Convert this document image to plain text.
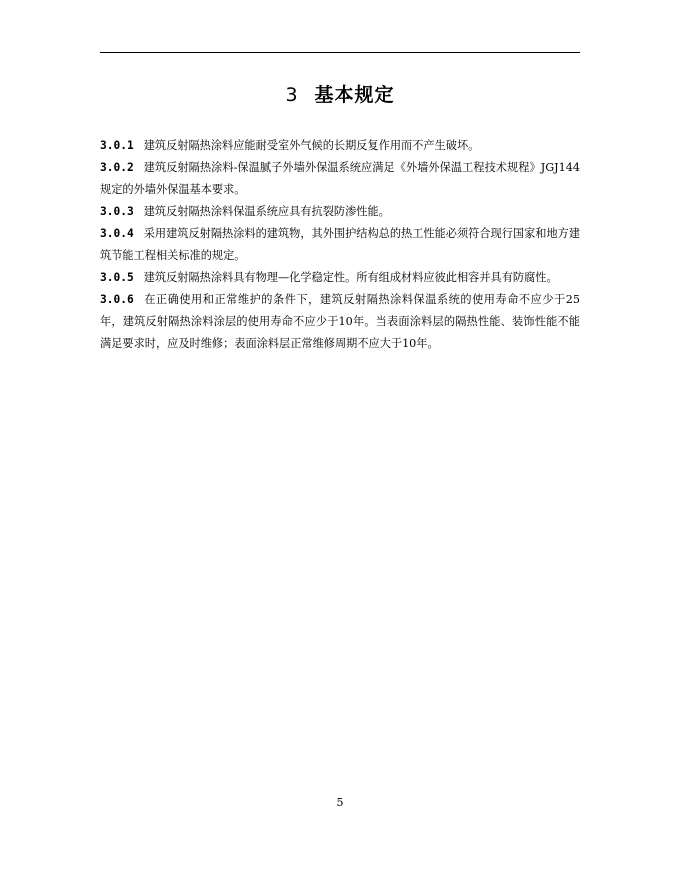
3 基本规定

3.0.1 建筑反射隔热涂料应能耐受室外气候的长期反复作用而不产生破坏。

3.0.2 建筑反射隔热涂料-保温腻子外墙外保温系统应满足《外墙外保温工程技术规程》JGJ144规定的外墙外保温基本要求。

3.0.3 建筑反射隔热涂料保温系统应具有抗裂防渗性能。

3.0.4 采用建筑反射隔热涂料的建筑物，其外围护结构总的热工性能必须符合现行国家和地方建筑节能工程相关标准的规定。

3.0.5 建筑反射隔热涂料具有物理—化学稳定性。所有组成材料应彼此相容并具有防腐性。

3.0.6 在正确使用和正常维护的条件下，建筑反射隔热涂料保温系统的使用寿命不应少于25年，建筑反射隔热涂料涂层的使用寿命不应少于10年。当表面涂料层的隔热性能、装饰性能不能满足要求时，应及时维修；表面涂料层正常维修周期不应大于10年。

5
